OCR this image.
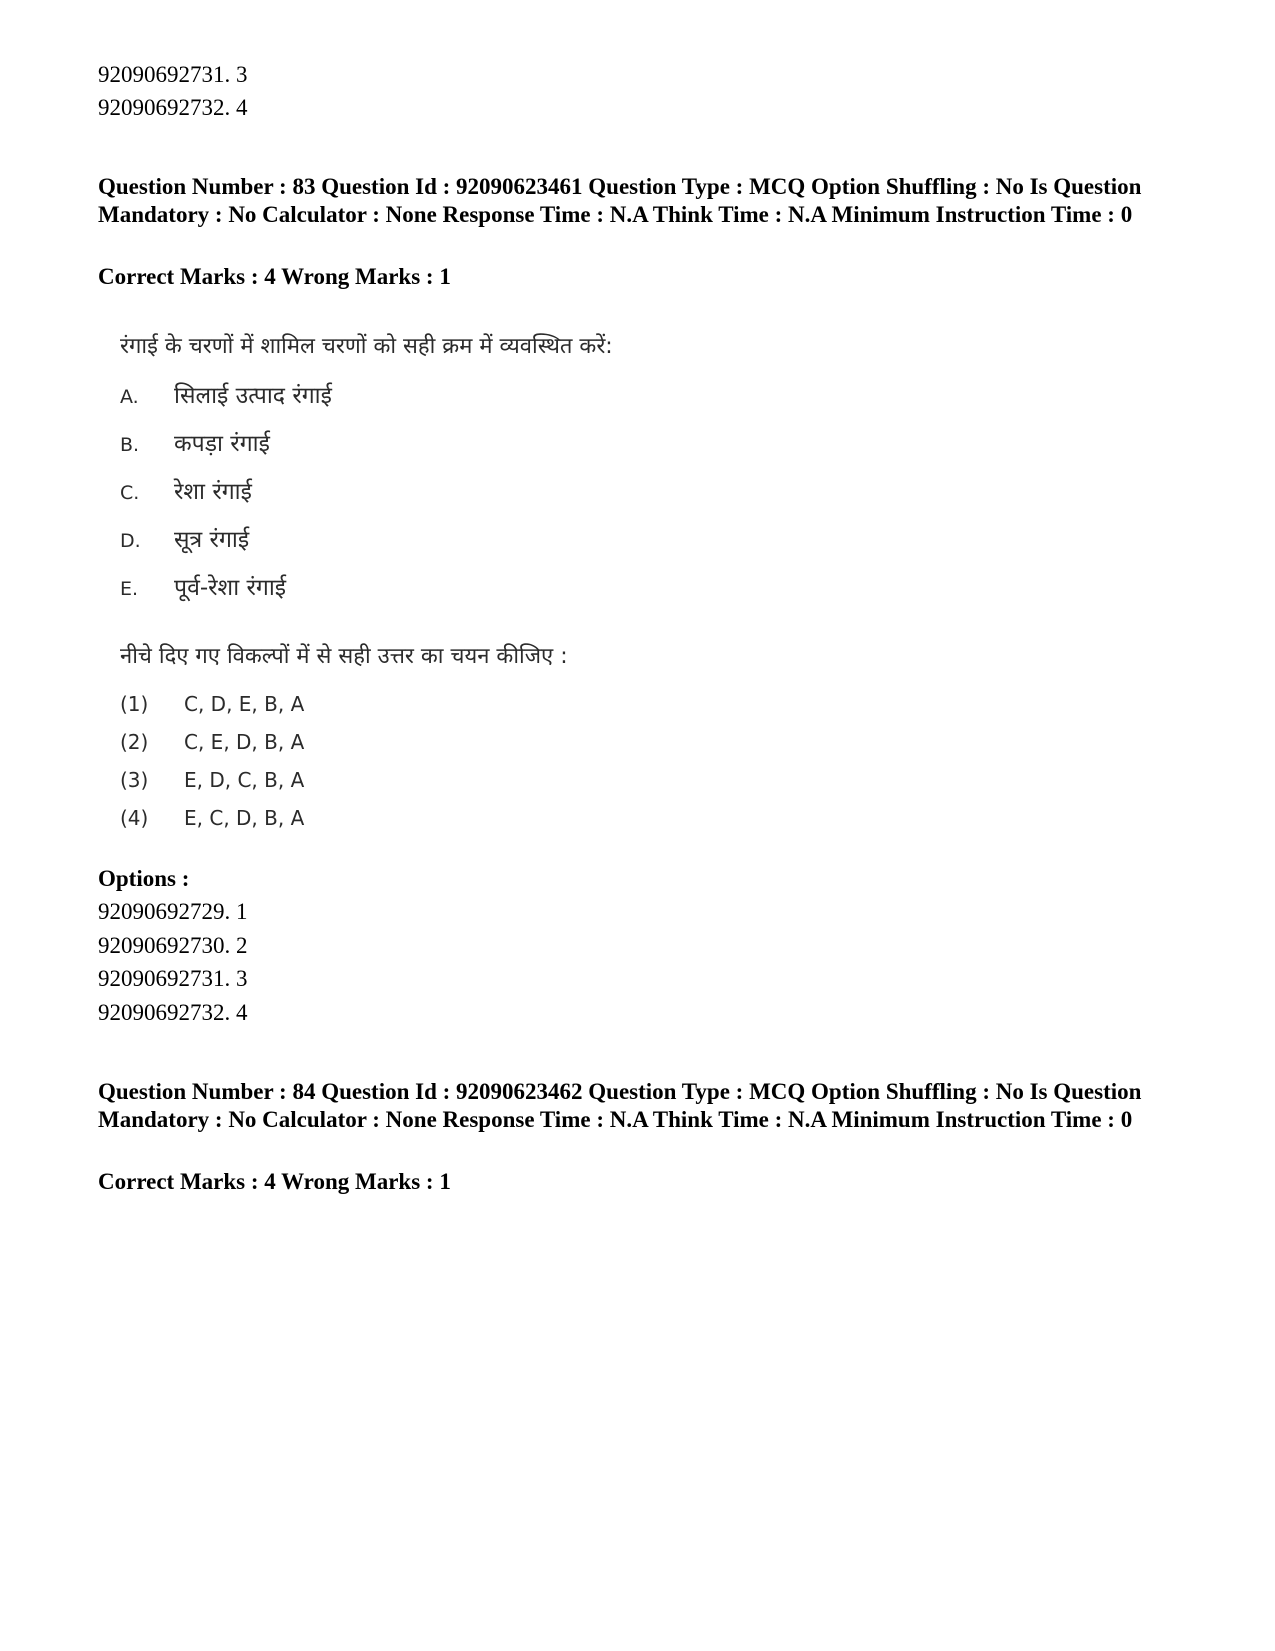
92090692731. 3
92090692732. 4
Question Number : 83 Question Id : 92090623461 Question Type : MCQ Option Shuffling : No Is Question Mandatory : No Calculator : None Response Time : N.A Think Time : N.A Minimum Instruction Time : 0
Correct Marks : 4 Wrong Marks : 1
रंगाई के चरणों में शामिल चरणों को सही क्रम में व्यवस्थित करें:
A. सिलाई उत्पाद रंगाई
B. कपड़ा रंगाई
C. रेशा रंगाई
D. सूत्र रंगाई
E. पूर्व-रेशा रंगाई
नीचे दिए गए विकल्पों में से सही उत्तर का चयन कीजिए :
(1) C, D, E, B, A
(2) C, E, D, B, A
(3) E, D, C, B, A
(4) E, C, D, B, A
Options :
92090692729. 1
92090692730. 2
92090692731. 3
92090692732. 4
Question Number : 84 Question Id : 92090623462 Question Type : MCQ Option Shuffling : No Is Question Mandatory : No Calculator : None Response Time : N.A Think Time : N.A Minimum Instruction Time : 0
Correct Marks : 4 Wrong Marks : 1
